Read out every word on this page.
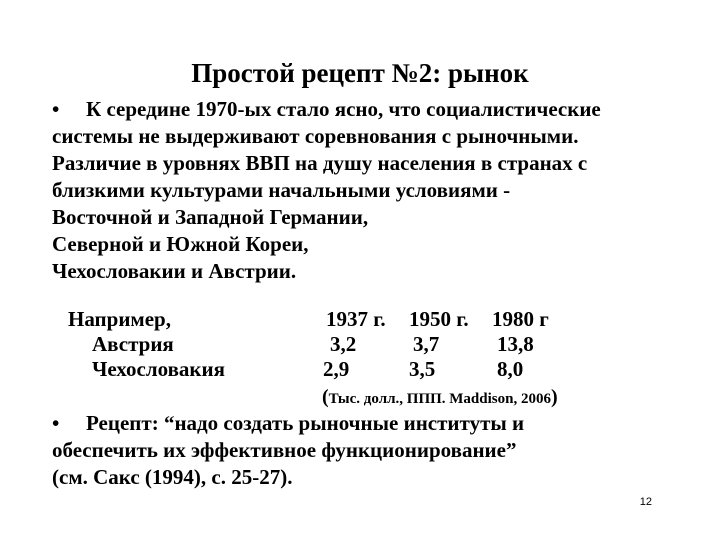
Простой рецепт №2: рынок
• К середине 1970-ых стало ясно, что социалистические
системы не выдерживают соревнования с рыночными.
Различие в уровнях ВВП на душу населения в странах с
близкими культурами начальными условиями -
Восточной и Западной Германии,
Северной и Южной Кореи,
Чехословакии и Австрии.
Например,	1937 г. 1950 г. 1980 г
Австрия	3,2	3,7	13,8
Чехословакия	2,9	3,5	8,0
(Тыс. долл., ППП. Maddison, 2006)
• Рецепт: “надо создать рыночные институты и
обеспечить их эффективное функционирование”
(см. Сакс (1994), с. 25-27).
12
